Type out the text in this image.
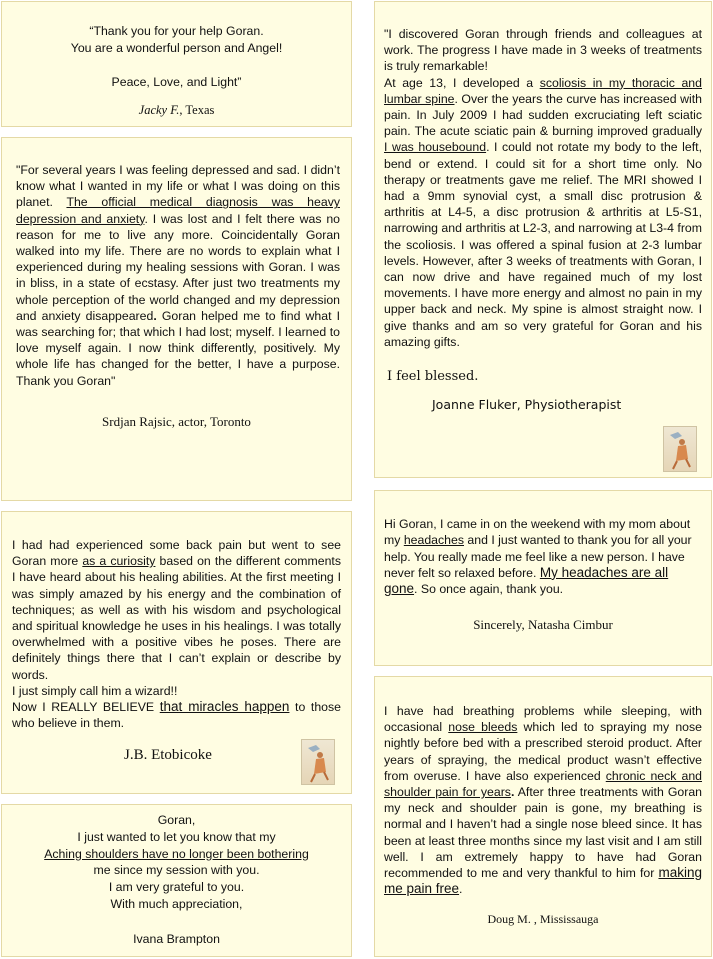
“Thank you for your help Goran.
You are a wonderful person and Angel!

Peace, Love, and Light”

Jacky F., Texas

"For several years I was feeling depressed and sad. I didn’t know what I wanted in my life or what I was doing on this planet. The official medical diagnosis was heavy depression and anxiety. I was lost and I felt there was no reason for me to live any more. Coincidentally Goran walked into my life. There are no words to explain what I experienced during my healing sessions with Goran. I was in bliss, in a state of ecstasy. After just two treatments my whole perception of the world changed and my depression and anxiety disappeared. Goran helped me to find what I was searching for; that which I had lost; myself. I learned to love myself again. I now think differently, positively. My whole life has changed for the better, I have a purpose. Thank you Goran"

Srdjan Rajsic, actor, Toronto

I had had experienced some back pain but went to see Goran more as a curiosity based on the different comments I have heard about his healing abilities. At the first meeting I was simply amazed by his energy and the combination of techniques; as well as with his wisdom and psychological and spiritual knowledge he uses in his healings. I was totally overwhelmed with a positive vibes he poses. There are definitely things there that I can’t explain or describe by words.
I just simply call him a wizard!!
Now I REALLY BELIEVE that miracles happen to those who believe in them.

J.B. Etobicoke

Goran,
I just wanted to let you know that my
Aching shoulders have no longer been bothering
me since my session with you.
I am very grateful to you.
With much appreciation,

Ivana Brampton

"I discovered Goran through friends and colleagues at work. The progress I have made in 3 weeks of treatments is truly remarkable!
At age 13, I developed a scoliosis in my thoracic and lumbar spine. Over the years the curve has increased with pain. In July 2009 I had sudden excruciating left sciatic pain. The acute sciatic pain & burning improved gradually I was housebound. I could not rotate my body to the left, bend or extend. I could sit for a short time only. No therapy or treatments gave me relief. The MRI showed I had a 9mm synovial cyst, a small disc protrusion & arthritis at L4-5, a disc protrusion & arthritis at L5-S1, narrowing and arthritis at L2-3, and narrowing at L3-4 from the scoliosis. I was offered a spinal fusion at 2-3 lumbar levels. However, after 3 weeks of treatments with Goran, I can now drive and have regained much of my lost movements. I have more energy and almost no pain in my upper back and neck. My spine is almost straight now. I give thanks and am so very grateful for Goran and his amazing gifts.

I feel blessed.

Joanne Fluker, Physiotherapist

Hi Goran, I came in on the weekend with my mom about my headaches and I just wanted to thank you for all your help. You really made me feel like a new person. I have never felt so relaxed before. My headaches are all gone. So once again, thank you.

Sincerely, Natasha Cimbur

I have had breathing problems while sleeping, with occasional nose bleeds which led to spraying my nose nightly before bed with a prescribed steroid product. After years of spraying, the medical product wasn’t effective from overuse. I have also experienced chronic neck and shoulder pain for years. After three treatments with Goran my neck and shoulder pain is gone, my breathing is normal and I haven’t had a single nose bleed since. It has been at least three months since my last visit and I am still well. I am extremely happy to have had Goran recommended to me and very thankful to him for making me pain free.

Doug M. , Mississauga
